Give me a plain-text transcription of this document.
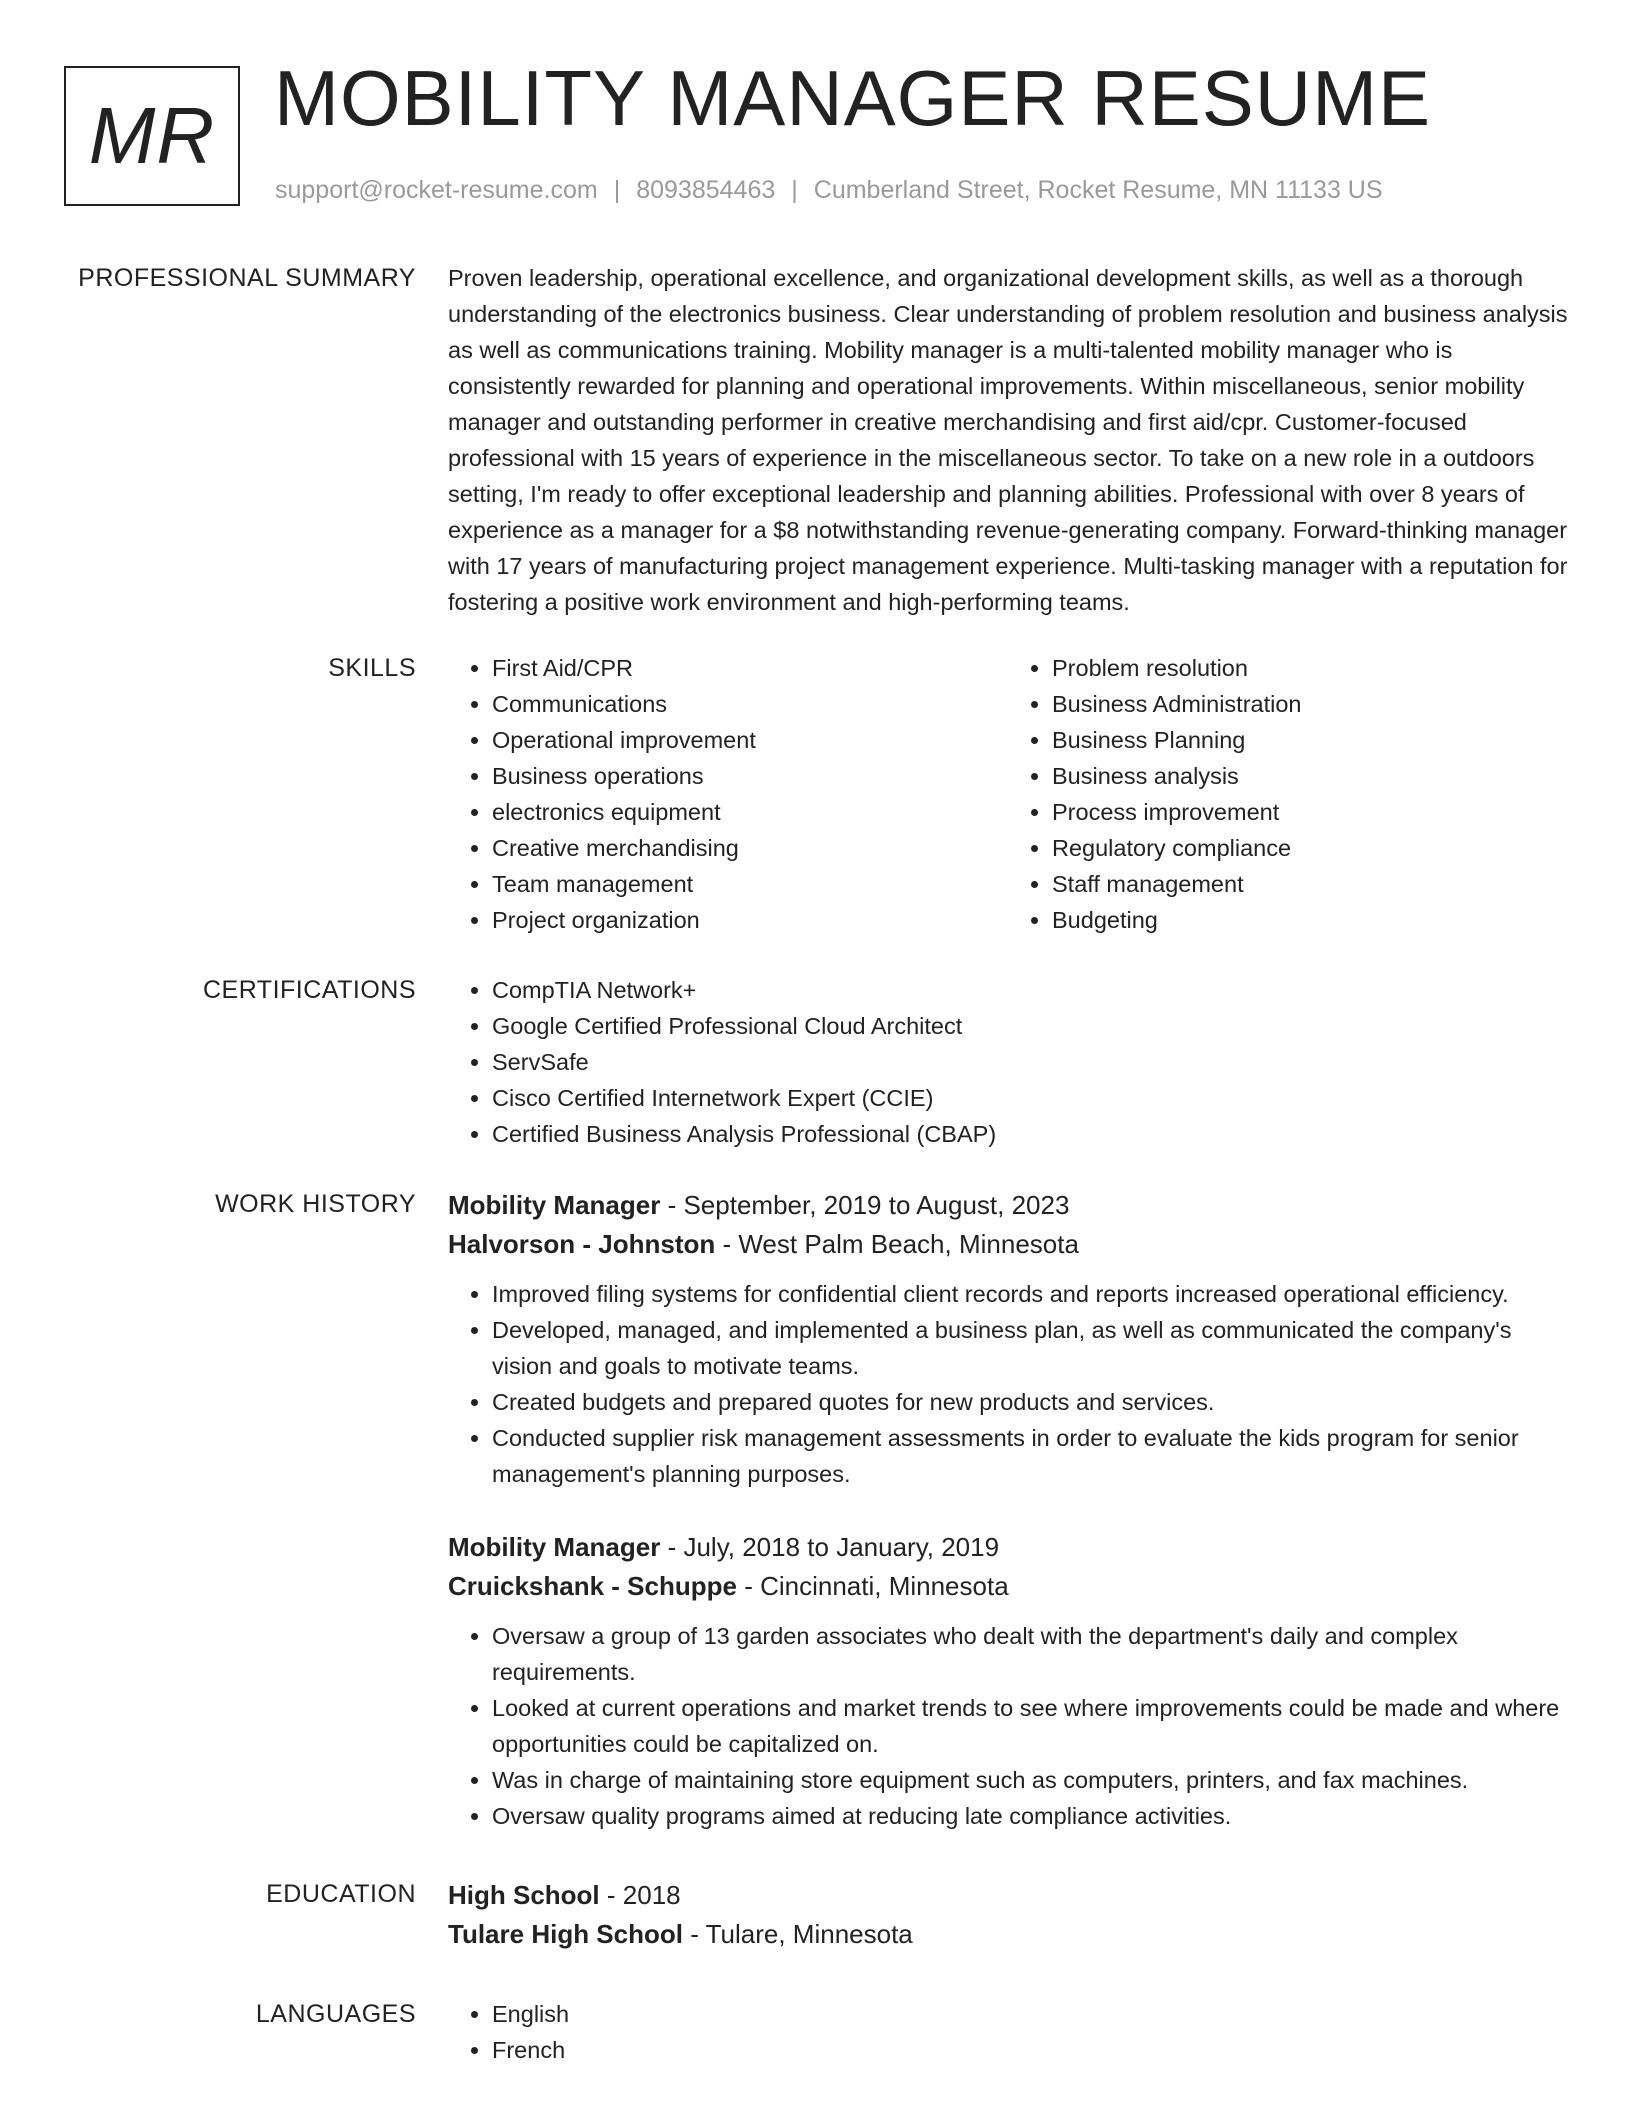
MR MOBILITY MANAGER RESUME
support@rocket-resume.com | 8093854463 | Cumberland Street, Rocket Resume, MN 11133 US
PROFESSIONAL SUMMARY Proven leadership, operational excellence, and organizational development skills, as well as a thorough understanding of the electronics business. Clear understanding of problem resolution and business analysis as well as communications training. Mobility manager is a multi-talented mobility manager who is consistently rewarded for planning and operational improvements. Within miscellaneous, senior mobility manager and outstanding performer in creative merchandising and first aid/cpr. Customer-focused professional with 15 years of experience in the miscellaneous sector. To take on a new role in a outdoors setting, I'm ready to offer exceptional leadership and planning abilities. Professional with over 8 years of experience as a manager for a $8 notwithstanding revenue-generating company. Forward-thinking manager with 17 years of manufacturing project management experience. Multi-tasking manager with a reputation for fostering a positive work environment and high-performing teams.

SKILLS	• First Aid/CPR
• Communications
• Operational improvement
• Business operations
• electronics equipment
• Creative merchandising
• Team management
• Project organization
• Problem resolution
• Business Administration
• Business Planning
• Business analysis
• Process improvement
• Regulatory compliance
• Staff management
• Budgeting
CERTIFICATIONS	• CompTIA Network+
• Google Certified Professional Cloud Architect
• ServSafe
• Cisco Certified Internetwork Expert (CCIE)
• Certified Business Analysis Professional (CBAP)
WORK HISTORY Mobility Manager - September, 2019 to August, 2023
Halvorson - Johnston - West Palm Beach, Minnesota
• Improved filing systems for confidential client records and reports increased operational efficiency.
• Developed, managed, and implemented a business plan, as well as communicated the company's vision and goals to motivate teams.
• Created budgets and prepared quotes for new products and services.
• Conducted supplier risk management assessments in order to evaluate the kids program for senior management's planning purposes.
Mobility Manager - July, 2018 to January, 2019
Cruickshank - Schuppe - Cincinnati, Minnesota
• Oversaw a group of 13 garden associates who dealt with the department's daily and complex requirements.
• Looked at current operations and market trends to see where improvements could be made and where opportunities could be capitalized on.
• Was in charge of maintaining store equipment such as computers, printers, and fax machines.
• Oversaw quality programs aimed at reducing late compliance activities.
EDUCATION High School - 2018
Tulare High School - Tulare, Minnesota
LANGUAGES	• English
• French
